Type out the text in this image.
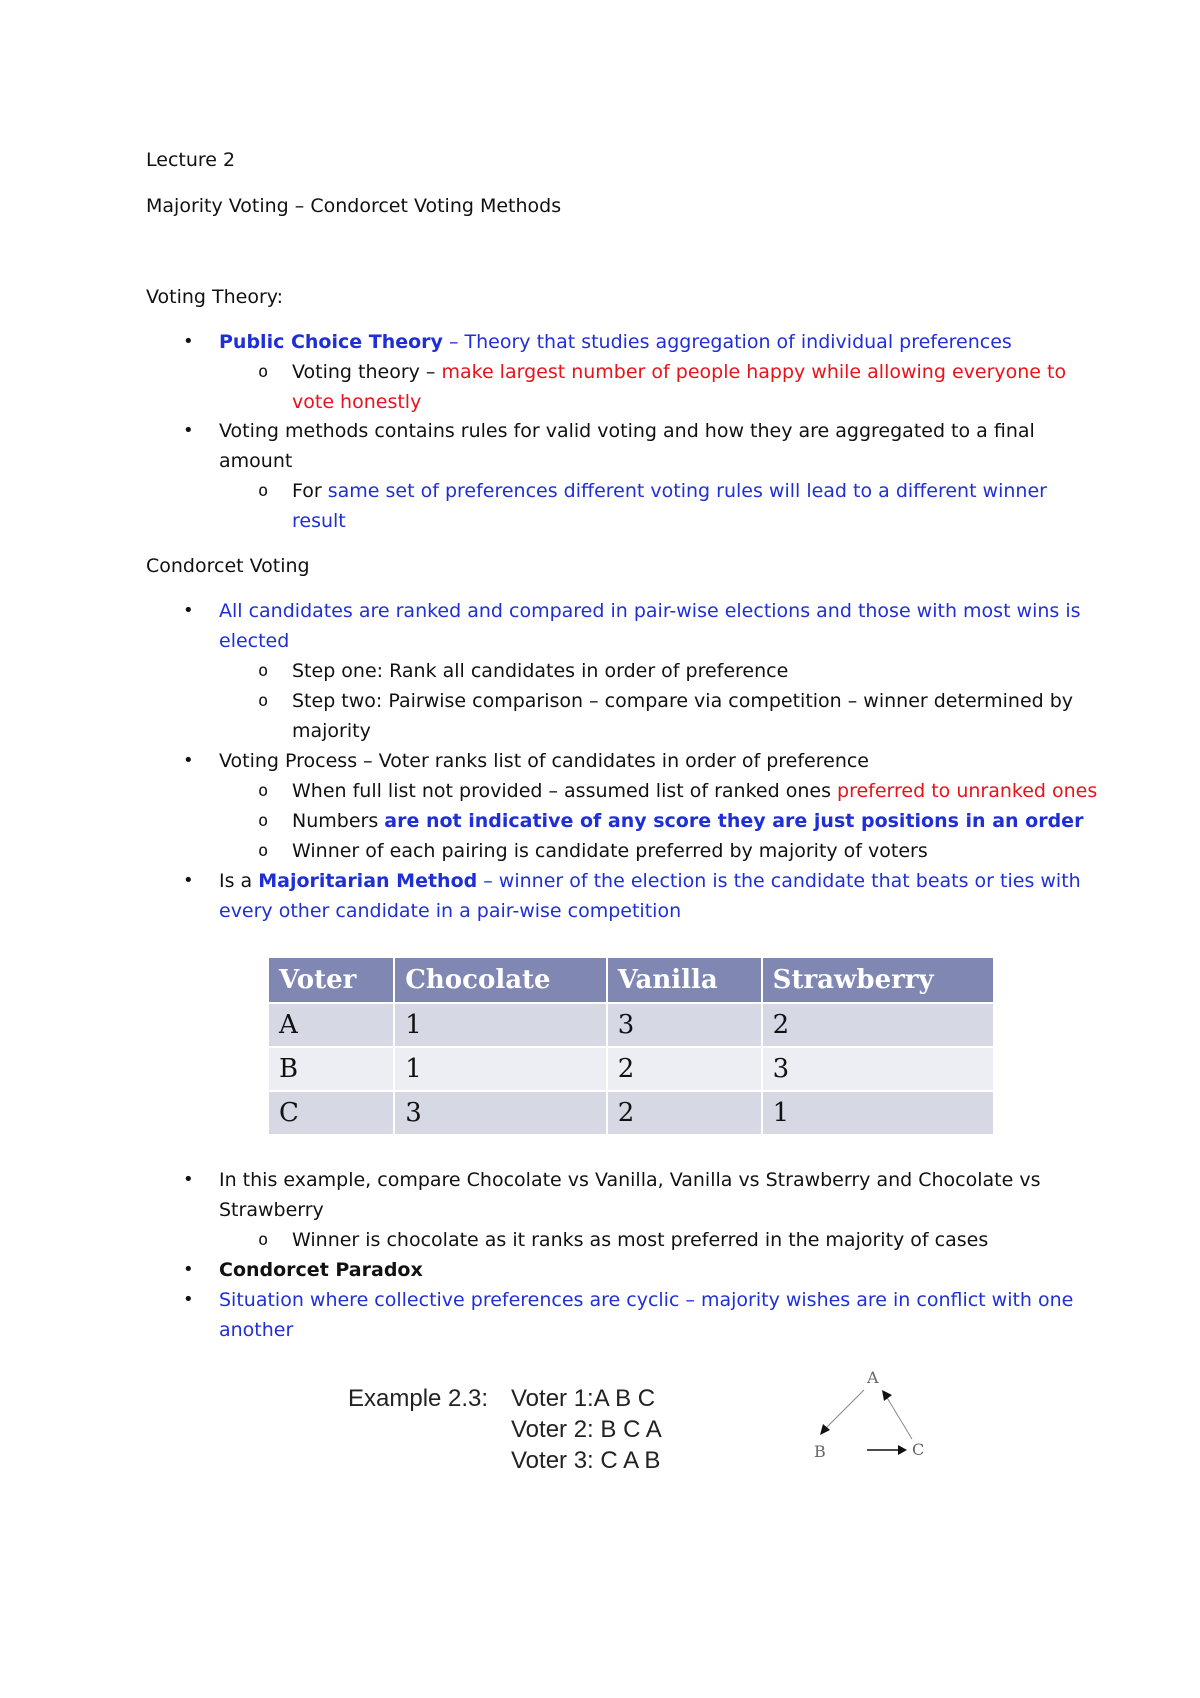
Lecture 2
Majority Voting – Condorcet Voting Methods
Voting Theory:
• Public Choice Theory – Theory that studies aggregation of individual preferences
o Voting theory – make largest number of people happy while allowing everyone to
vote honestly
• Voting methods contains rules for valid voting and how they are aggregated to a final
amount
o For same set of preferences different voting rules will lead to a different winner
result
Condorcet Voting
• All candidates are ranked and compared in pair-wise elections and those with most wins is
elected
o Step one: Rank all candidates in order of preference
o Step two: Pairwise comparison – compare via competition – winner determined by
majority
• Voting Process – Voter ranks list of candidates in order of preference
o When full list not provided – assumed list of ranked ones preferred to unranked ones
o Numbers are not indicative of any score they are just positions in an order
o Winner of each pairing is candidate preferred by majority of voters
• Is a Majoritarian Method – winner of the election is the candidate that beats or ties with
every other candidate in a pair-wise competition
Voter	Chocolate	Vanilla	Strawberry
A	1	3	2
B	1	2	3
C	3	2	1
• In this example, compare Chocolate vs Vanilla, Vanilla vs Strawberry and Chocolate vs
Strawberry
o Winner is chocolate as it ranks as most preferred in the majority of cases
• Condorcet Paradox
• Situation where collective preferences are cyclic – majority wishes are in conflict with one
another
Example 2.3: Voter 1:A B C
Voter 2: B C A
Voter 3: C A B
A
B	C
